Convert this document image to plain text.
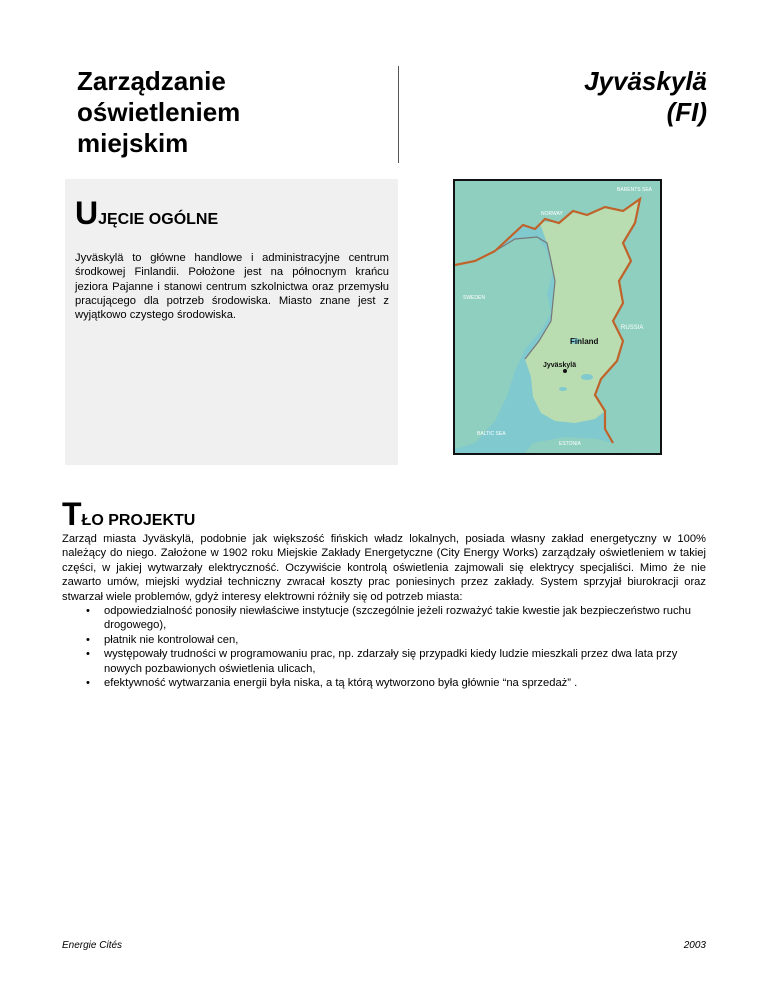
Zarządzanie
oświetleniem
miejskim
Jyväskylä
(FI)
UJĘCIE OGÓLNE

Jyväskylä to główne handlowe i administracyjne centrum środkowej Finlandii. Położone jest na północnym krańcu jeziora Pajanne i stanowi centrum szkolnictwa oraz przemysłu pracującego dla potrzeb środowiska. Miasto znane jest z wyjątkowo czystego środowiska.

BARENTS SEA
NORWAY
SWEDEN
RUSSIA
Finland
Jyväskylä
BALTIC SEA
ESTONIA
TŁO PROJEKTU

Zarząd miasta Jyväskylä, podobnie jak większość fińskich władz lokalnych, posiada własny zakład energetyczny w 100% należący do niego. Założone w 1902 roku Miejskie Zakłady Energetyczne (City Energy Works) zarządzały oświetleniem w takiej części, w jakiej wytwarzały elektryczność. Oczywiście kontrolą oświetlenia zajmowali się elektrycy specjaliści. Mimo że nie zawarto umów, miejski wydział techniczny zwracał koszty prac poniesinych przez zakłady. System sprzyjał biurokracji oraz stwarzał wiele problemów, gdyż interesy elektrowni różniły się od potrzeb miasta:

• odpowiedzialność ponosiły niewłaściwe instytucje (szczególnie jeżeli rozważyć takie kwestie jak bezpieczeństwo ruchu drogowego),
• płatnik nie kontrolował cen,
• występowały trudności w programowaniu prac, np. zdarzały się przypadki kiedy ludzie mieszkali przez dwa lata przy nowych pozbawionych oświetlenia ulicach,
• efektywność wytwarzania energii była niska, a tą którą wytworzono była głównie “na sprzedaż” .
Energie Cités	2003
